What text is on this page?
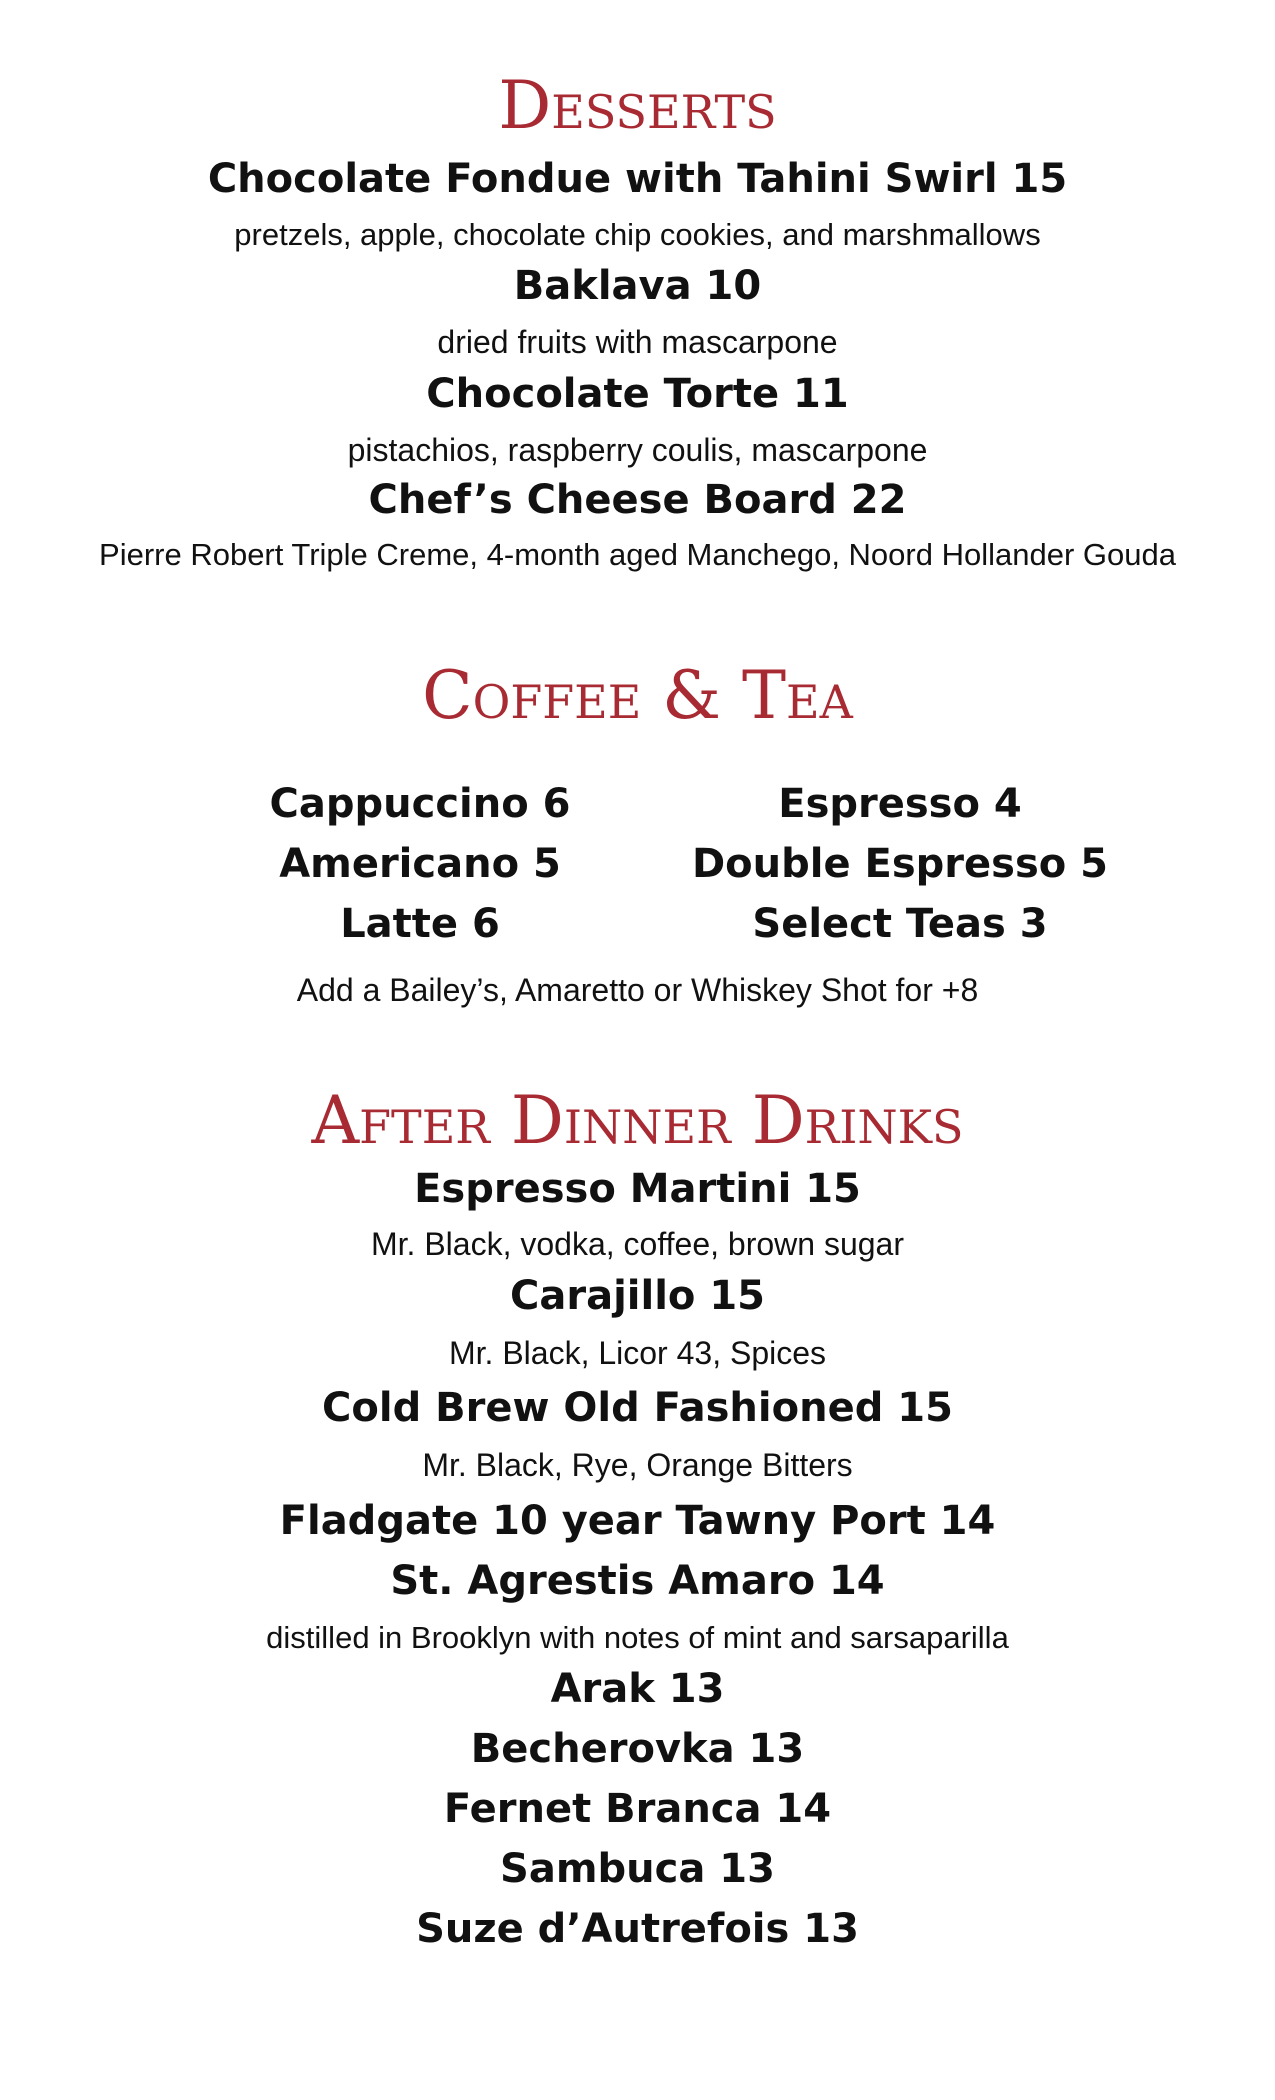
Desserts
Chocolate Fondue with Tahini Swirl 15
pretzels, apple, chocolate chip cookies, and marshmallows
Baklava 10
dried fruits with mascarpone
Chocolate Torte 11
pistachios, raspberry coulis, mascarpone
Chef’s Cheese Board 22
Pierre Robert Triple Creme, 4-month aged Manchego, Noord Hollander Gouda
Coffee & Tea
Cappuccino 6
Americano 5
Latte 6
Espresso 4
Double Espresso 5
Select Teas 3
Add a Bailey’s, Amaretto or Whiskey Shot for +8
After Dinner Drinks
Espresso Martini 15
Mr. Black, vodka, coffee, brown sugar
Carajillo 15
Mr. Black, Licor 43, Spices
Cold Brew Old Fashioned 15
Mr. Black, Rye, Orange Bitters
Fladgate 10 year Tawny Port 14
St. Agrestis Amaro 14
distilled in Brooklyn with notes of mint and sarsaparilla
Arak 13
Becherovka 13
Fernet Branca 14
Sambuca 13
Suze d’Autrefois 13
